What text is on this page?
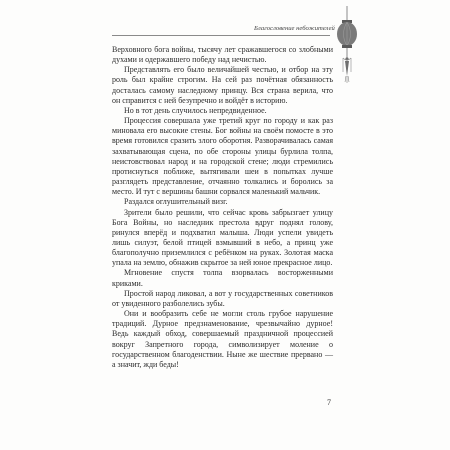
Благословение небожителей

Верховного бога войны, тысячу лет сражавшегося со злобными духами и одержавшего победу над нечистью.

Представлять его было величайшей честью, и отбор на эту роль был крайне строгим. На сей раз почётная обязанность досталась самому наследному принцу. Вся страна верила, что он справится с ней безупречно и войдёт в историю.

Но в тот день случилось непредвиденное.

Процессия совершала уже третий круг по городу и как раз миновала его высокие стены. Бог войны на своём помосте в это время готовился сразить злого оборотня. Разворачивалась самая захватывающая сцена, по обе стороны улицы бурлила толпа, неистовствовал народ и на городской стене; люди стремились протиснуться поближе, вытягивали шеи в попытках лучше разглядеть представление, отчаянно толкались и боролись за место. И тут с вершины башни сорвался маленький мальчик.

Раздался оглушительный визг.

Зрители было решили, что сейчас кровь забрызгает улицу Бога Войны, но наследник престола вдруг поднял голову, ринулся вперёд и подхватил малыша. Люди успели увидеть лишь силуэт, белой птицей взмывший в небо, а принц уже благополучно приземлился с ребёнком на руках. Золотая маска упала на землю, обнажив скрытое за ней юное прекрасное лицо.

Мгновение спустя толпа взорвалась восторженными криками.

Простой народ ликовал, а вот у государственных советников от увиденного разболелись зубы.

Они и вообразить себе не могли столь грубое нарушение традиций. Дурное предзнаменование, чрезвычайно дурное! Ведь каждый обход, совершаемый праздничной процессией вокруг Запретного города, символизирует моление о государственном благоденствии. Ныне же шествие прервано — а значит, жди беды!

7
